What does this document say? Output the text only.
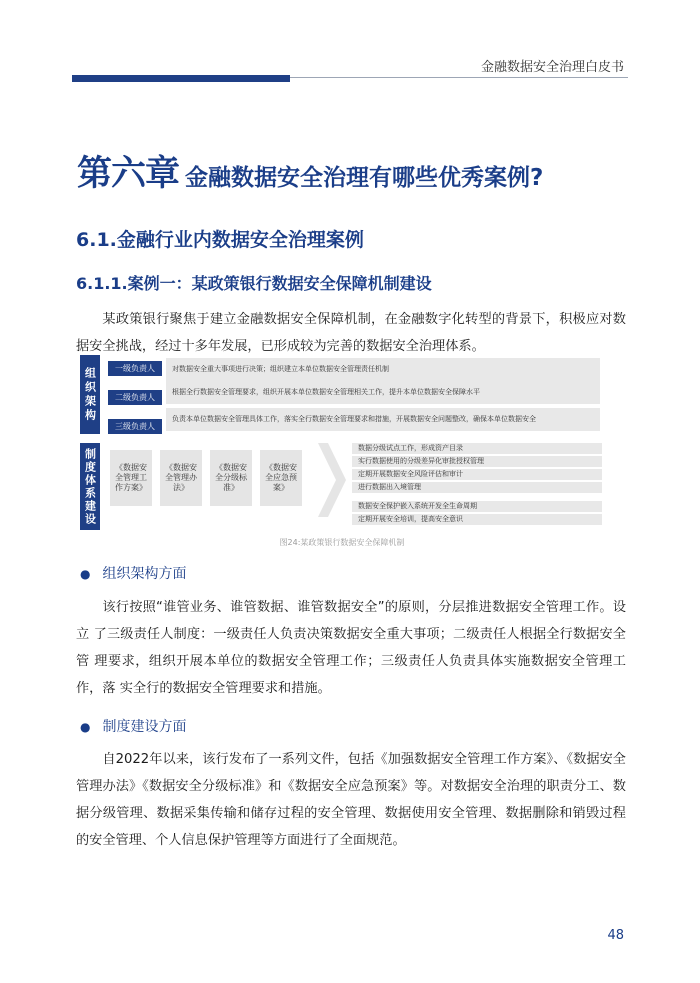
金融数据安全治理白皮书
第六章 金融数据安全治理有哪些优秀案例?
6.1.金融行业内数据安全治理案例
6.1.1.案例一：某政策银行数据安全保障机制建设

某政策银行聚焦于建立金融数据安全保障机制，在金融数字化转型的背景下，积极应对数据安全挑战，经过十多年发展，已形成较为完善的数据安全治理体系。

组织架构	一级负责人	对数据安全重大事项进行决策；组织建立本单位数据安全管理责任机制
二级负责人
根据全行数据安全管理要求，组织开展本单位数据安全管理相关工作，提升本单位数据安全保障水平
三级负责人
负责本单位数据安全管理具体工作，落实全行数据安全管理要求和措施，开展数据安全问题整改，确保本单位数据安全
制度体系建设	《数据安全管理工作方案》
《数据安全管理办法》
《数据安全分级标准》
《数据安全应急预案》
数据分级试点工作，形成资产目录
实行数据使用的分级差异化审批授权管理
定期开展数据安全风险评估和审计
进行数据出入境管理
数据安全保护嵌入系统开发全生命周期
定期开展安全培训，提高安全意识
图24:某政策银行数据安全保障机制
● 组织架构方面

该行按照“谁管业务、谁管数据、谁管数据安全”的原则，分层推进数据安全管理工作。设立 了三级责任人制度：一级责任人负责决策数据安全重大事项；二级责任人根据全行数据安全管 理要求，组织开展本单位的数据安全管理工作；三级责任人负责具体实施数据安全管理工作，落 实全行的数据安全管理要求和措施。

● 制度建设方面

自2022年以来，该行发布了一系列文件，包括《加强数据安全管理工作方案》、《数据安全管理办法》《数据安全分级标准》和《数据安全应急预案》等。对数据安全治理的职责分工、数据分级管理、数据采集传输和储存过程的安全管理、数据使用安全管理、数据删除和销毁过程的安全管理、个人信息保护管理等方面进行了全面规范。

48
